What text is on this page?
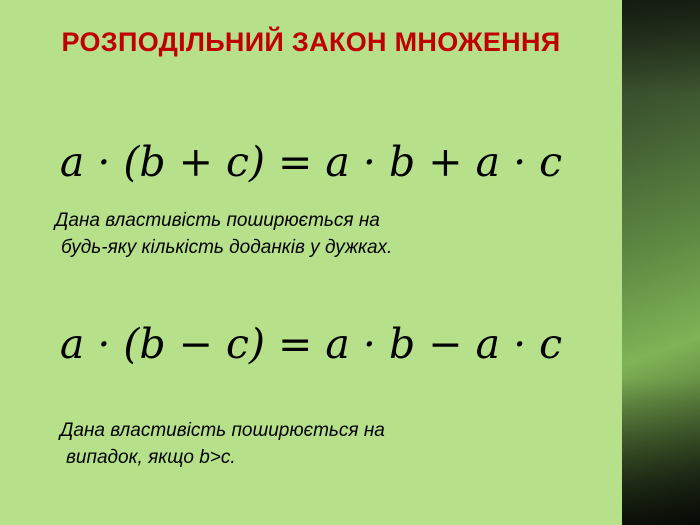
РОЗПОДІЛЬНИЙ ЗАКОН МНОЖЕННЯ
a · (b + c) = a · b + a · c
Дана властивість поширюється на
будь-яку кількість доданків у дужках.
a · (b − c) = a · b − a · c
Дана властивість поширюється на
випадок, якщо b>c.
